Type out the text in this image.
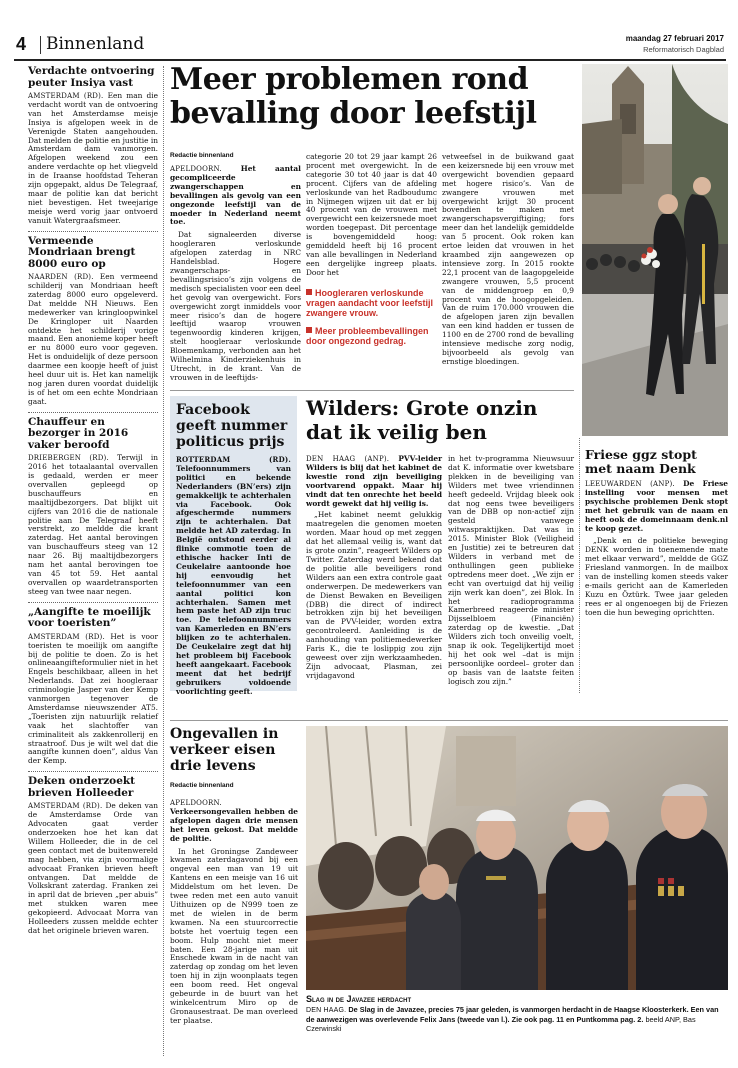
4 Binnenland	maandag 27 februari 2017
Reformatorisch Dagblad
Verdachte ontvoering peuter Insiya vast

AMSTERDAM (RD). Een man die verdacht wordt van de ontvoering van het Amsterdamse meisje Insiya is afgelopen week in de Verenigde Staten aangehouden. Dat melden de politie en justitie in Amsterdam dam vanmorgen. Afgelopen weekend zou een andere verdachte op het vliegveld in de Iraanse hoofdstad Teheran zijn opgepakt, aldus De Telegraaf, maar de politie kan dat bericht niet bevestigen. Het tweejarige meisje werd vorig jaar ontvoerd vanuit Watergraafsmeer.

Vermeende Mondriaan brengt 8000 euro op

NAARDEN (RD). Een vermeend schilderij van Mondriaan heeft zaterdag 8000 euro opgeleverd. Dat meldde NH Nieuws. Een medewerker van kringloopwinkel De Kringloper uit Naarden ontdekte het schilderij vorige maand. Een anonieme koper heeft er nu 8000 euro voor gegeven. Het is onduidelijk of deze persoon daarmee een koopje heeft of juist heel duur uit is. Het kan namelijk nog jaren duren voordat duidelijk is of het om een echte Mondriaan gaat.

Chauffeur en bezorger in 2016 vaker beroofd

DRIEBERGEN (RD). Terwijl in 2016 het totaalaantal overvallen is gedaald, werden er meer overvallen gepleegd op buschauffeurs en maaltijdbezorgers. Dat blijkt uit cijfers van 2016 die de nationale politie aan De Telegraaf heeft verstrekt, zo meldde die krant zaterdag. Het aantal berovingen van buschauffeurs steeg van 12 naar 26. Bij maaltijdbezorgers nam het aantal berovingen toe van 45 tot 59. Het aantal overvallen op waardetransporten steeg van twee naar negen.

„Aangifte te moeilijk voor toeristen”

AMSTERDAM (RD). Het is voor toeristen te moeilijk om aangifte bij de politie te doen. Zo is het onlineaangifteformulier niet in het Engels beschikbaar, alleen in het Nederlands. Dat zei hoogleraar criminologie Jasper van der Kemp vanmorgen tegenover de Amsterdamse nieuwszender AT5. „Toeristen zijn natuurlijk relatief vaak het slachtoffer van criminaliteit als zakkenrollerij en straatroof. Dus je wilt wel dat die aangifte kunnen doen”, aldus Van der Kemp.

Deken onderzoekt brieven Holleeder

AMSTERDAM (RD). De deken van de Amsterdamse Orde van Advocaten gaat verder onderzoeken hoe het kan dat Willem Holleeder, die in de cel geen contact met de buitenwereld mag hebben, via zijn voormalige advocaat Franken brieven heeft ontvangen. Dat meldde de Volkskrant zaterdag. Franken zei in april dat de brieven „per abuis” met stukken waren mee gekopieerd. Advocaat Morra van Holleeders zussen meldde echter dat het originele brieven waren.

Meer problemen rond bevalling door leefstijl
Redactie binnenland

APELDOORN.	Het aantal gecompliceerde zwangerschappen en bevallingen als gevolg van een ongezonde leefstijl van de moeder in Nederland neemt toe.

Dat signaleerden diverse hoogleraren verloskunde afgelopen zaterdag in NRC Handelsblad. Hogere zwangerschaps- en bevallingsrisico’s zijn volgens de medisch specialisten voor een deel het gevolg van overgewicht. Fors overgewicht zorgt inmiddels voor meer risico’s dan de hogere leeftijd waarop vrouwen tegenwoordig kinderen krijgen, stelt hoogleraar verloskunde Bloemenkamp, verbonden aan het Wilhelmina Kinderziekenhuis in Utrecht, in de krant. Van de vrouwen in de leeftijds-

categorie 20 tot 29 jaar kampt 26 procent met overgewicht. In de categorie 30 tot 40 jaar is dat 40 procent. Cijfers van de afdeling verloskunde van het Radboudumc in Nijmegen wijzen uit dat er bij 40 procent van de vrouwen met overgewicht een keizersnede moet worden toegepast. Dit percentage is bovengemiddeld hoog: gemiddeld heeft bij 16 procent van alle bevallingen in Nederland een dergelijke ingreep plaats. Door het

Hoogleraren verloskunde vragen aandacht voor leefstijl zwangere vrouw.
Meer probleembevallingen door ongezond gedrag.

vetweefsel in de buikwand gaat een keizersnede bij een vrouw met overgewicht bovendien gepaard met hogere risico’s. Van de zwangere vrouwen met overgewicht krijgt 30 procent bovendien te maken met zwangerschapsvergiftiging; fors meer dan het landelijk gemiddelde van 5 procent. Ook roken kan ertoe leiden dat vrouwen in het kraambed zijn aangewezen op intensieve zorg. In 2015 rookte 22,1 procent van de laagopgeleide zwangere vrouwen, 5,5 procent van de middengroep en 0,9 procent van de hoogopgeleiden. Van de ruim 170.000 vrouwen die de afgelopen jaren zijn bevallen van een kind hadden er tussen de 1100 en de 2700 rond de bevalling intensieve medische zorg nodig, bijvoorbeeld als gevolg van ernstige bloedingen.

Facebook geeft nummer politicus prijs

ROTTERDAM (RD). Telefoonnummers van politici en bekende Nederlanders (BN’ers) zijn gemakkelijk te achterhalen via Facebook. Ook afgeschermde nummers zijn te achterhalen. Dat meldde het AD zaterdag. In België ontstond eerder al flinke commotie toen de ethische hacker Inti de Ceukelaire aantoonde hoe hij eenvoudig het telefoonnummer van een aantal politici kon achterhalen. Samen met hem paste het AD zijn truc toe. De telefoonnummers van Kamerleden en BN’ers blijken zo te achterhalen. De Ceukelaire zegt dat hij het probleem bij Facebook heeft aangekaart. Facebook meent dat het bedrijf gebruikers voldoende voorlichting geeft.

Wilders: Grote onzin dat ik veilig ben

DEN HAAG (ANP). PVV-leider Wilders is blij dat het kabinet de kwestie rond zijn beveiliging voortvarend oppakt. Maar hij vindt dat ten onrechte het beeld wordt gewekt dat hij veilig is.

„Het kabinet neemt gelukkig maatregelen die genomen moeten worden. Maar houd op met zeggen dat het allemaal veilig is, want dat is grote onzin”, reageert Wilders op Twitter. Zaterdag werd bekend dat de politie alle beveiligers rond Wilders aan een extra controle gaat onderwerpen. De medewerkers van de Dienst Bewaken en Beveiligen (DBB) die direct of indirect betrokken zijn bij het beveiligen van de PVV-leider, worden extra gecontroleerd. Aanleiding is de aanhouding van politiemedewerker Faris K., die te loslippig zou zijn geweest over zijn werkzaamheden. Zijn advocaat, Plasman, zei vrijdagavond

in het tv-programma Nieuwsuur dat K. informatie over kwetsbare plekken in de beveiliging van Wilders met twee vriendinnen heeft gedeeld. Vrijdag bleek ook dat nog eens twee beveiligers van de DBB op non-actief zijn gesteld vanwege witwaspraktijken. Dat was in 2015. Minister Blok (Veiligheid en Justitie) zei te betreuren dat Wilders in verband met de onthullingen geen publieke optredens meer doet. „We zijn er echt van overtuigd dat hij veilig zijn werk kan doen”, zei Blok. In het radioprogramma Kamerbreed reageerde minister Dijsselbloem (Financiën) zaterdag op de kwestie. „Dat Wilders zich toch onveilig voelt, snap ik ook. Tegelijkertijd moet hij het ook wel –dat is mijn persoonlijke oordeel– groter dan op basis van de laatste feiten logisch zou zijn.”

Friese ggz stopt met naam Denk

LEEUWARDEN (ANP). De Friese instelling voor mensen met psychische problemen Denk stopt met het gebruik van de naam en heeft ook de domeinnaam denk.nl te koop gezet.

„Denk en de politieke beweging DENK worden in toenemende mate met elkaar verward”, meldde de GGZ Friesland vanmorgen. In de mailbox van de instelling komen steeds vaker e-mails gericht aan de Kamerleden Kuzu en Öztürk. Twee jaar geleden rees er al ongenoegen bij de Friezen toen die hun beweging oprichtten.

Ongevallen in verkeer eisen drie levens
Redactie binnenland

APELDOORN. Verkeersongevallen hebben de afgelopen dagen drie mensen het leven gekost. Dat meldde de politie.

In het Groningse Zandeweer kwamen zaterdagavond bij een ongeval een man van 19 uit Kantens en een meisje van 16 uit Middelstum om het leven. De twee reden met een auto vanuit Uithuizen op de N999 toen ze met de wielen in de berm kwamen. Na een stuurcorrectie botste het voertuig tegen een boom. Hulp mocht niet meer baten. Een 28-jarige man uit Enschede kwam in de nacht van zaterdag op zondag om het leven toen hij in zijn woonplaats tegen een boom reed. Het ongeval gebeurde in de buurt van het winkelcentrum Miro op de Gronausestraat. De man overleed ter plaatse.

Slag in de Javazee herdacht

DEN HAAG. De Slag in de Javazee, precies 75 jaar geleden, is vanmorgen herdacht in de Haagse Kloosterkerk. Een van de aanwezigen was overlevende Felix Jans (tweede van l.). Zie ook pag. 11 en Puntkomma pag. 2. beeld ANP, Bas Czerwinski
